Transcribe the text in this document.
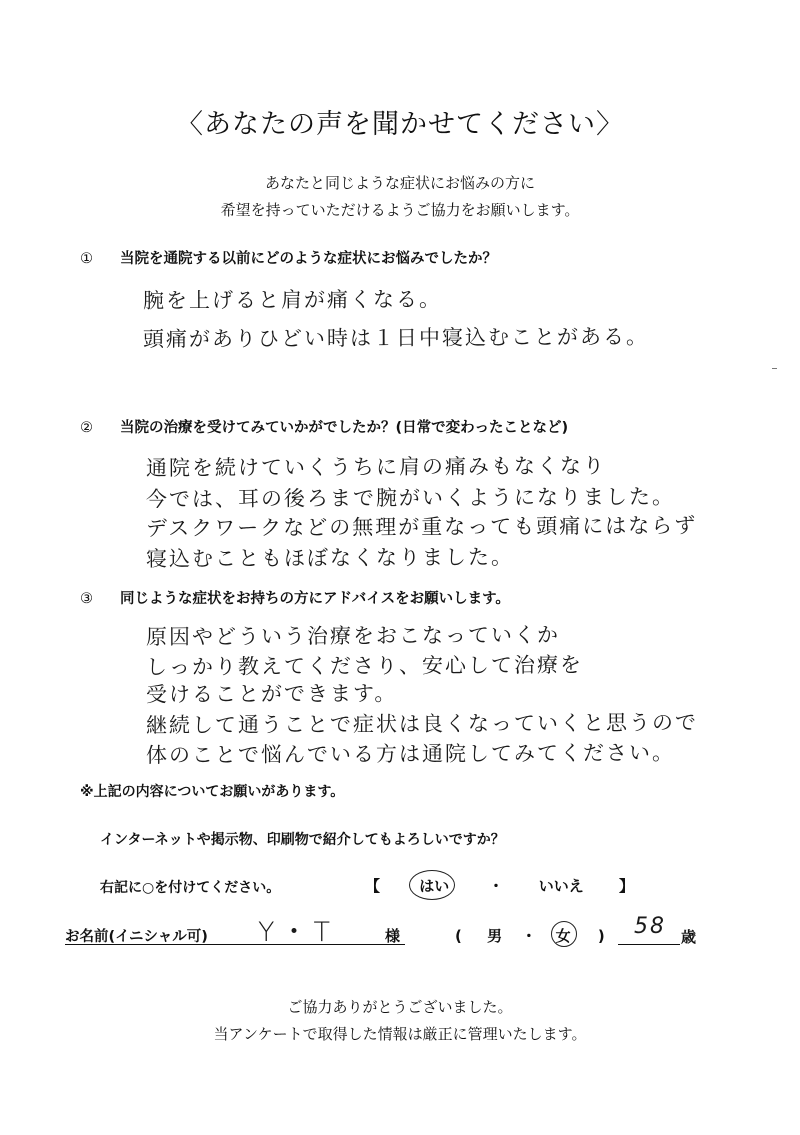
〈あなたの声を聞かせてください〉
あなたと同じような症状にお悩みの方に
希望を持っていただけるようご協力をお願いします。
① 当院を通院する以前にどのような症状にお悩みでしたか？
腕を上げると肩が痛くなる。
頭痛がありひどい時は１日中寝込むことがある。
② 当院の治療を受けてみていかがでしたか？(日常で変わったことなど)
通院を続けていくうちに肩の痛みもなくなり
今では、耳の後ろまで腕がいくようになりました。
デスクワークなどの無理が重なっても頭痛にはならず
寝込むこともほぼなくなりました。
③ 同じような症状をお持ちの方にアドバイスをお願いします。
原因やどういう治療をおこなっていくか
しっかり教えてくださり、安心して治療を
受けることができます。
継続して通うことで症状は良くなっていくと思うので
体のことで悩んでいる方は通院してみてください。
※上記の内容についてお願いがあります。
インターネットや掲示物、印刷物で紹介してもよろしいですか？
右記に○を付けてください。	【	はい	・ いいえ 】
お名前(イニシャル可) Y・T	様	( 男 ・ 女 ) 58 歳
ご協力ありがとうございました。
当アンケートで取得した情報は厳正に管理いたします。
